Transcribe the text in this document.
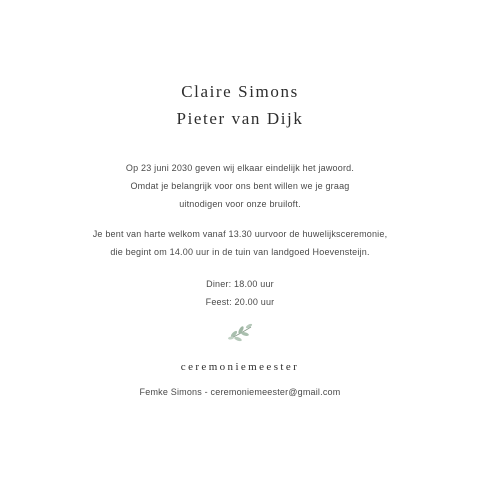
Claire Simons
Pieter van Dijk
Op 23 juni 2030 geven wij elkaar eindelijk het jawoord.
Omdat je belangrijk voor ons bent willen we je graag
uitnodigen voor onze bruiloft.
Je bent van harte welkom vanaf 13.30 uurvoor de huwelijksceremonie,
die begint om 14.00 uur in de tuin van landgoed Hoevensteijn.
Diner: 18.00 uur
Feest: 20.00 uur
ceremoniemeester
Femke Simons - ceremoniemeester@gmail.com
